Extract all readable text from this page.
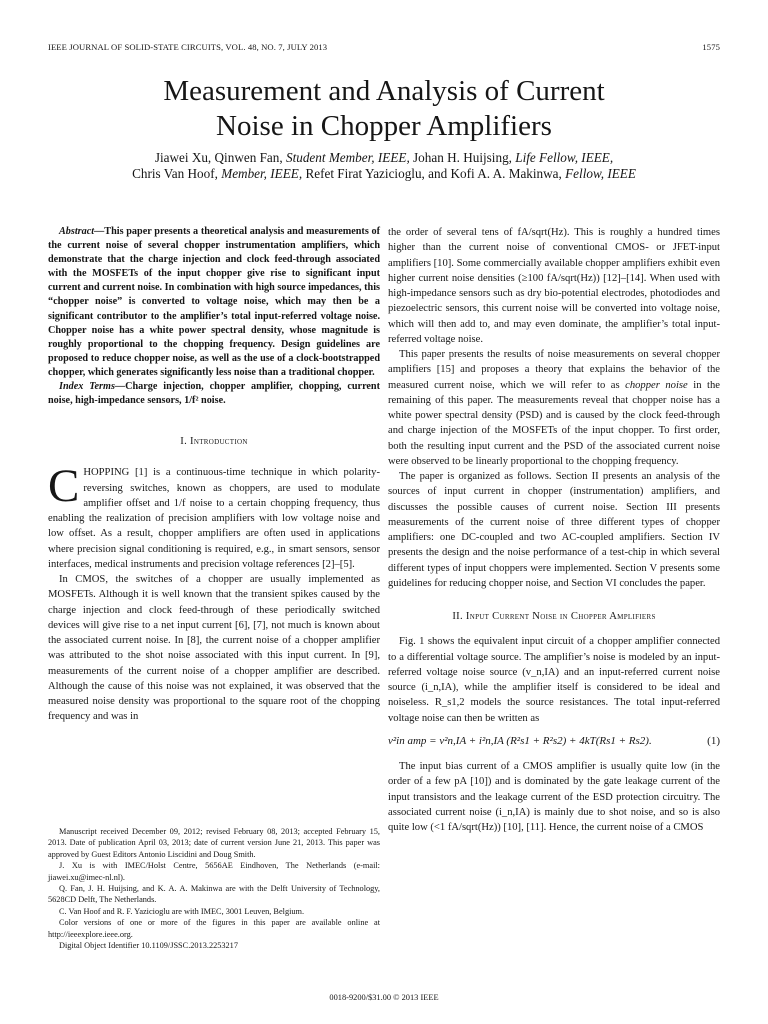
IEEE JOURNAL OF SOLID-STATE CIRCUITS, VOL. 48, NO. 7, JULY 2013	1575
Measurement and Analysis of Current
Noise in Chopper Amplifiers
Jiawei Xu, Qinwen Fan, Student Member, IEEE, Johan H. Huijsing, Life Fellow, IEEE,
Chris Van Hoof, Member, IEEE, Refet Firat Yazicioglu, and Kofi A. A. Makinwa, Fellow, IEEE

Abstract—This paper presents a theoretical analysis and measurements of the current noise of several chopper instrumentation amplifiers, which demonstrate that the charge injection and clock feed-through associated with the MOSFETs of the input chopper give rise to significant input current and current noise. In combination with high source impedances, this “chopper noise” is converted to voltage noise, which may then be a significant contributor to the amplifier’s total input-referred voltage noise. Chopper noise has a white power spectral density, whose magnitude is roughly proportional to the chopping frequency. Design guidelines are proposed to reduce chopper noise, as well as the use of a clock-bootstrapped chopper, which generates significantly less noise than a traditional chopper.

Index Terms—Charge injection, chopper amplifier, chopping, current noise, high-impedance sensors, 1/f² noise.

I. Introduction

CHOPPING [1] is a continuous-time technique in which polarity-reversing switches, known as choppers, are used to modulate amplifier offset and 1/f noise to a certain chopping frequency, thus enabling the realization of precision amplifiers with low voltage noise and low offset. As a result, chopper amplifiers are often used in applications where precision signal conditioning is required, e.g., in smart sensors, sensor interfaces, medical instruments and precision voltage references [2]–[5].

In CMOS, the switches of a chopper are usually implemented as MOSFETs. Although it is well known that the transient spikes caused by the charge injection and clock feed-through of these periodically switched devices will give rise to a net input current [6], [7], not much is known about the associated current noise. In [8], the current noise of a chopper amplifier was attributed to the shot noise associated with this input current. In [9], measurements of the current noise of a chopper amplifier are described. Although the cause of this noise was not explained, it was observed that the measured noise density was proportional to the square root of the chopping frequency and was in

Manuscript received December 09, 2012; revised February 08, 2013; accepted February 15, 2013. Date of publication April 03, 2013; date of current version June 21, 2013. This paper was approved by Guest Editors Antonio Liscidini and Doug Smith.

J. Xu is with IMEC/Holst Centre, 5656AE Eindhoven, The Netherlands (e-mail: jiawei.xu@imec-nl.nl).

Q. Fan, J. H. Huijsing, and K. A. A. Makinwa are with the Delft University of Technology, 5628CD Delft, The Netherlands.

C. Van Hoof and R. F. Yazicioglu are with IMEC, 3001 Leuven, Belgium.

Color versions of one or more of the figures in this paper are available online at http://ieeexplore.ieee.org.

Digital Object Identifier 10.1109/JSSC.2013.2253217

the order of several tens of fA/sqrt(Hz). This is roughly a hundred times higher than the current noise of conventional CMOS- or JFET-input amplifiers [10]. Some commercially available chopper amplifiers exhibit even higher current noise densities (≥100 fA/sqrt(Hz)) [12]–[14]. When used with high-impedance sensors such as dry bio-potential electrodes, photodiodes and piezoelectric sensors, this current noise will be converted into voltage noise, which will then add to, and may even dominate, the amplifier’s total input-referred voltage noise.

This paper presents the results of noise measurements on several chopper amplifiers [15] and proposes a theory that explains the behavior of the measured current noise, which we will refer to as chopper noise in the remaining of this paper. The measurements reveal that chopper noise has a white power spectral density (PSD) and is caused by the clock feed-through and charge injection of the MOSFETs of the input chopper. To first order, both the resulting input current and the PSD of the associated current noise were observed to be linearly proportional to the chopping frequency.

The paper is organized as follows. Section II presents an analysis of the sources of input current in chopper (instrumentation) amplifiers, and discusses the possible causes of current noise. Section III presents measurements of the current noise of three different types of chopper amplifiers: one DC-coupled and two AC-coupled amplifiers. Section IV presents the design and the noise performance of a test-chip in which several different types of input choppers were implemented. Section V presents some guidelines for reducing chopper noise, and Section VI concludes the paper.

II. Input Current Noise in Chopper Amplifiers

Fig. 1 shows the equivalent input circuit of a chopper amplifier connected to a differential voltage source. The amplifier’s noise is modeled by an input-referred voltage noise source (v_n,IA) and an input-referred current noise source (i_n,IA), while the amplifier itself is considered to be ideal and noiseless. R_s1,2 models the source resistances. The total input-referred voltage noise can then be written as

v²in amp = v²n,IA + i²n,IA (R²s1 + R²s2) + 4kT(Rs1 + Rs2).	(1)

The input bias current of a CMOS amplifier is usually quite low (in the order of a few pA [10]) and is dominated by the gate leakage current of the input transistors and the leakage current of the ESD protection circuitry. The associated current noise (i_n,IA) is mainly due to shot noise, and so is also quite low (<1 fA/sqrt(Hz)) [10], [11]. Hence, the current noise of a CMOS

0018-9200/$31.00 © 2013 IEEE
